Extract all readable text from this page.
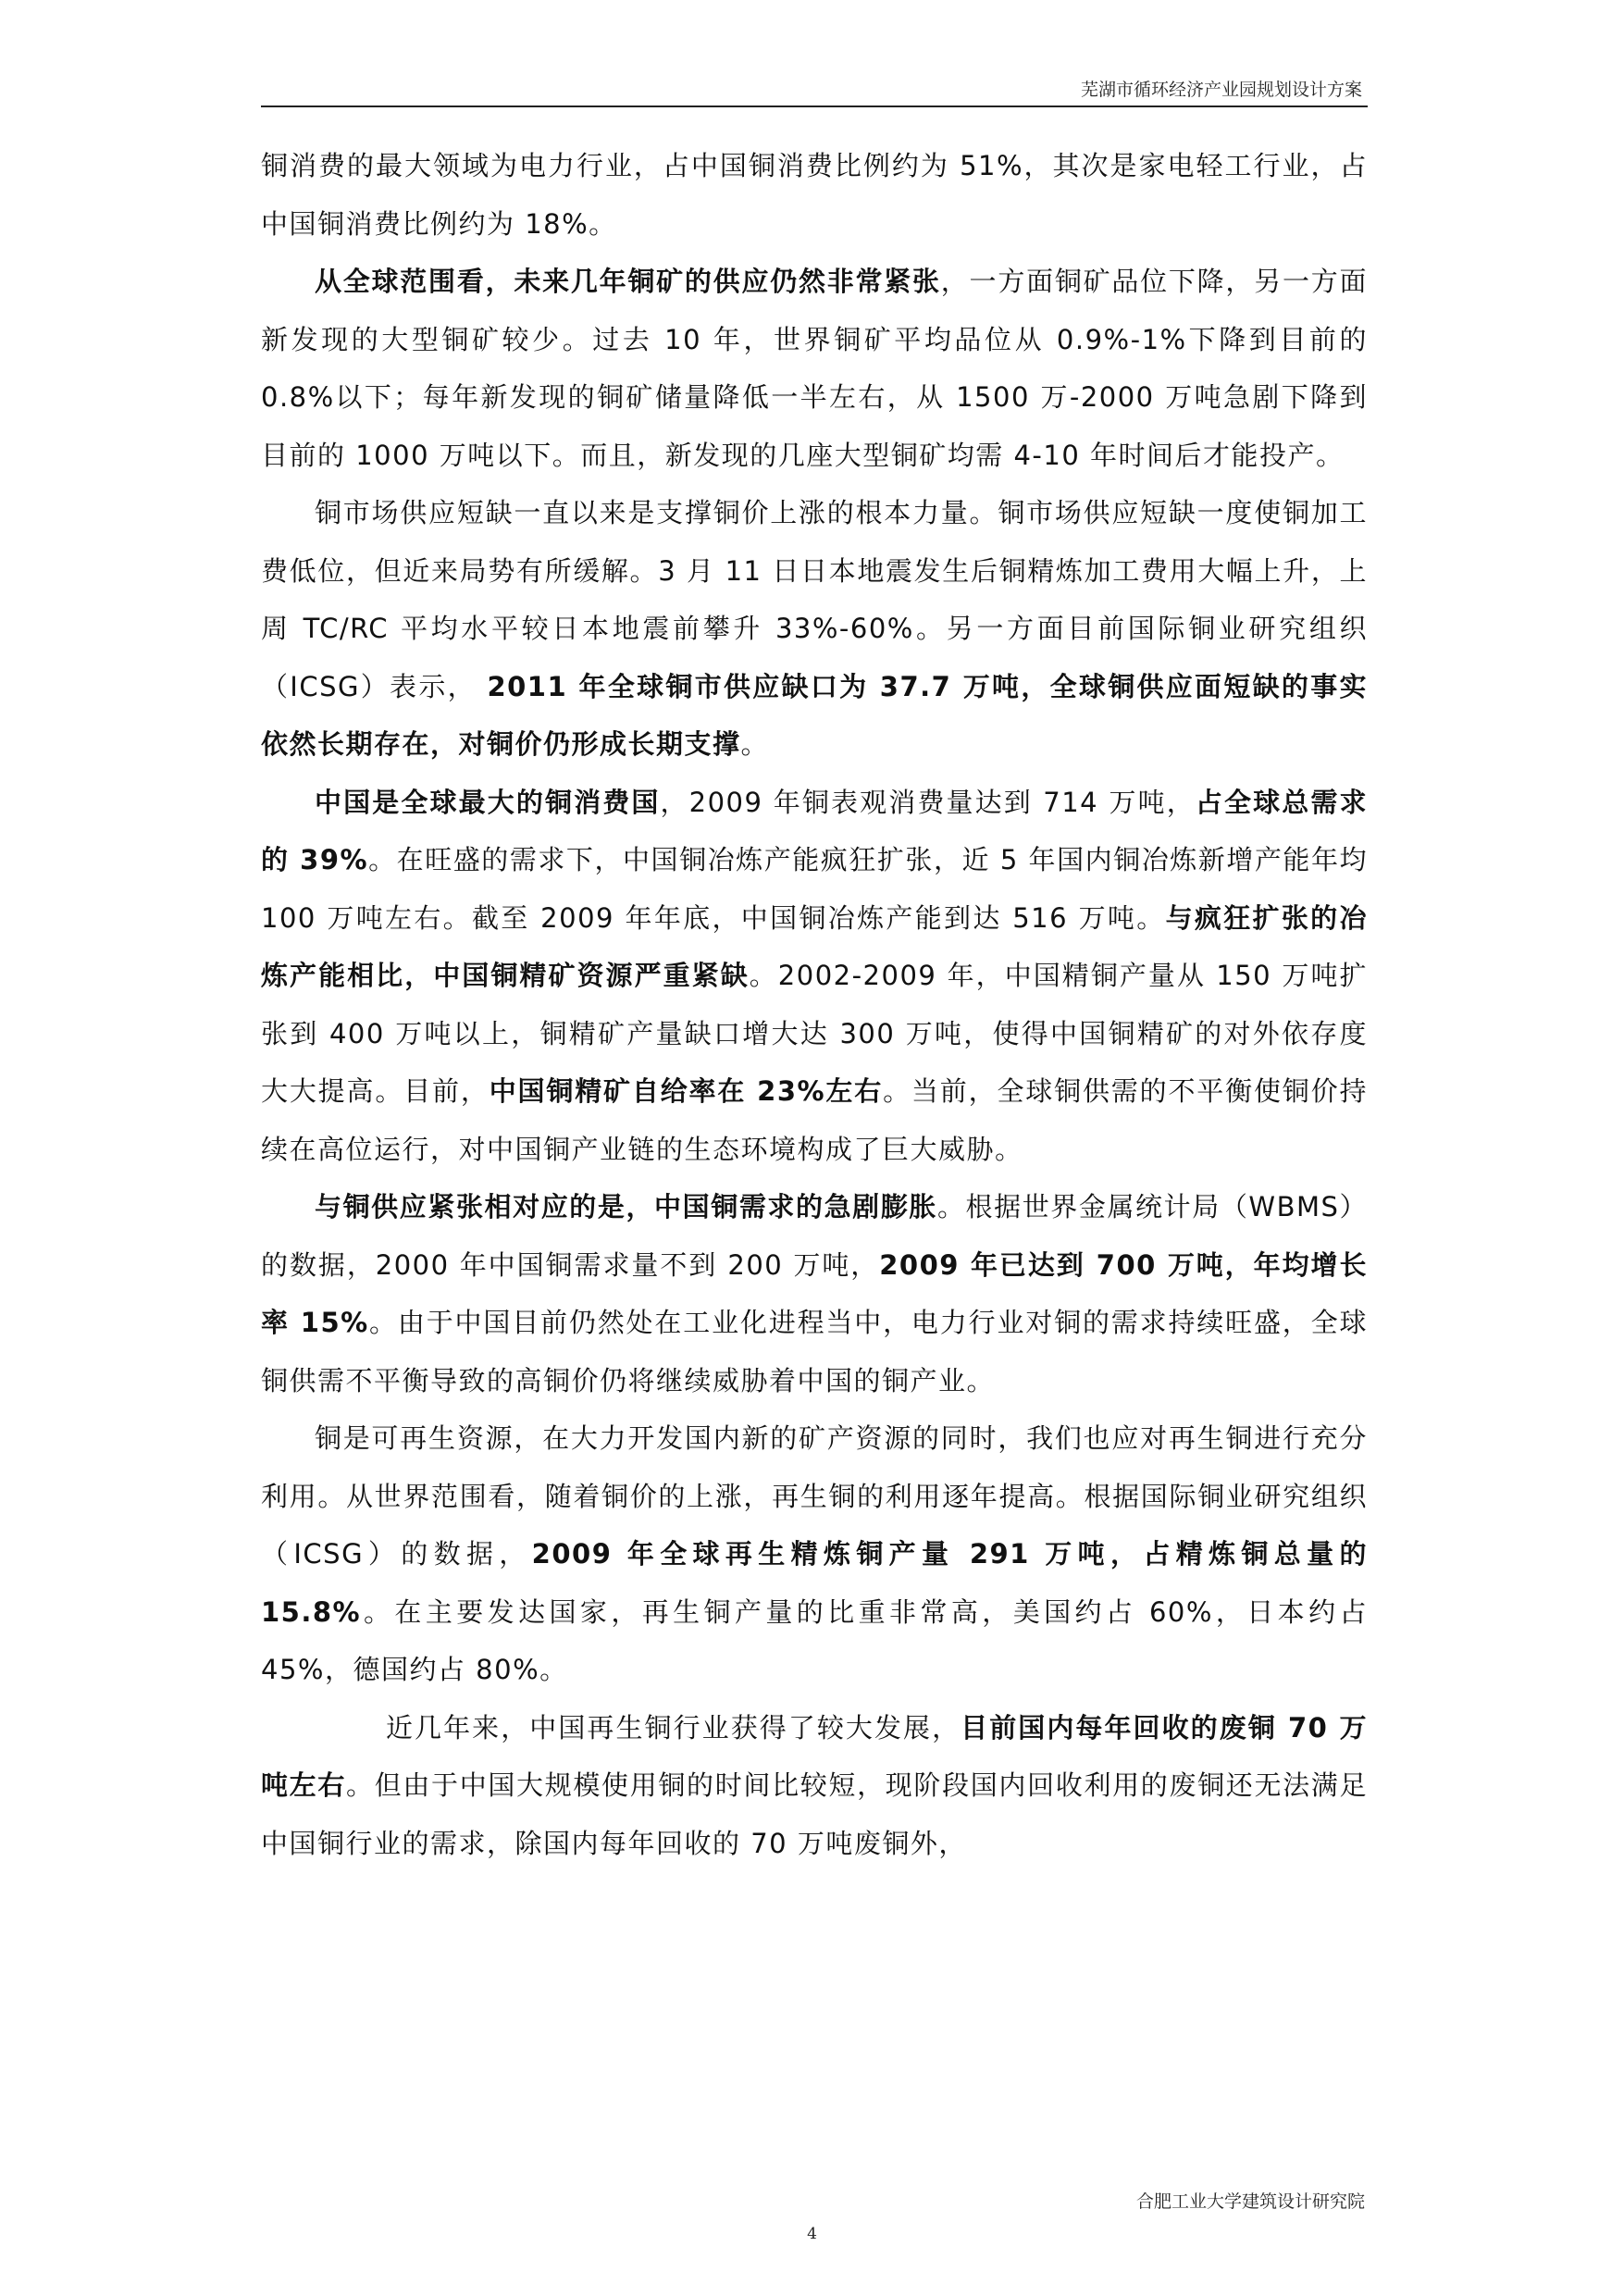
芜湖市循环经济产业园规划设计方案

铜消费的最大领域为电力行业，占中国铜消费比例约为 51%，其次是家电轻工行业，占中国铜消费比例约为 18%。

从全球范围看，未来几年铜矿的供应仍然非常紧张，一方面铜矿品位下降，另一方面新发现的大型铜矿较少。过去 10 年，世界铜矿平均品位从 0.9%-1%下降到目前的 0.8%以下；每年新发现的铜矿储量降低一半左右，从 1500 万-2000 万吨急剧下降到目前的 1000 万吨以下。而且，新发现的几座大型铜矿均需 4-10 年时间后才能投产。

铜市场供应短缺一直以来是支撑铜价上涨的根本力量。铜市场供应短缺一度使铜加工费低位，但近来局势有所缓解。3 月 11 日日本地震发生后铜精炼加工费用大幅上升，上周 TC/RC 平均水平较日本地震前攀升 33%-60%。另一方面目前国际铜业研究组织（ICSG）表示， 2011 年全球铜市供应缺口为 37.7 万吨，全球铜供应面短缺的事实依然长期存在，对铜价仍形成长期支撑。

中国是全球最大的铜消费国，2009 年铜表观消费量达到 714 万吨，占全球总需求的 39%。在旺盛的需求下，中国铜冶炼产能疯狂扩张，近 5 年国内铜冶炼新增产能年均 100 万吨左右。截至 2009 年年底，中国铜冶炼产能到达 516 万吨。与疯狂扩张的冶炼产能相比，中国铜精矿资源严重紧缺。2002-2009 年，中国精铜产量从 150 万吨扩张到 400 万吨以上，铜精矿产量缺口增大达 300 万吨，使得中国铜精矿的对外依存度大大提高。目前，中国铜精矿自给率在 23%左右。当前，全球铜供需的不平衡使铜价持续在高位运行，对中国铜产业链的生态环境构成了巨大威胁。

与铜供应紧张相对应的是，中国铜需求的急剧膨胀。根据世界金属统计局（WBMS）的数据，2000 年中国铜需求量不到 200 万吨，2009 年已达到 700 万吨，年均增长率 15%。由于中国目前仍然处在工业化进程当中，电力行业对铜的需求持续旺盛，全球铜供需不平衡导致的高铜价仍将继续威胁着中国的铜产业。

铜是可再生资源，在大力开发国内新的矿产资源的同时，我们也应对再生铜进行充分利用。从世界范围看，随着铜价的上涨，再生铜的利用逐年提高。根据国际铜业研究组织（ICSG）的数据，2009 年全球再生精炼铜产量 291 万吨，占精炼铜总量的 15.8%。在主要发达国家，再生铜产量的比重非常高，美国约占 60%，日本约占 45%，德国约占 80%。

近几年来，中国再生铜行业获得了较大发展，目前国内每年回收的废铜 70 万吨左右。但由于中国大规模使用铜的时间比较短，现阶段国内回收利用的废铜还无法满足中国铜行业的需求，除国内每年回收的 70 万吨废铜外，

合肥工业大学建筑设计研究院
4
